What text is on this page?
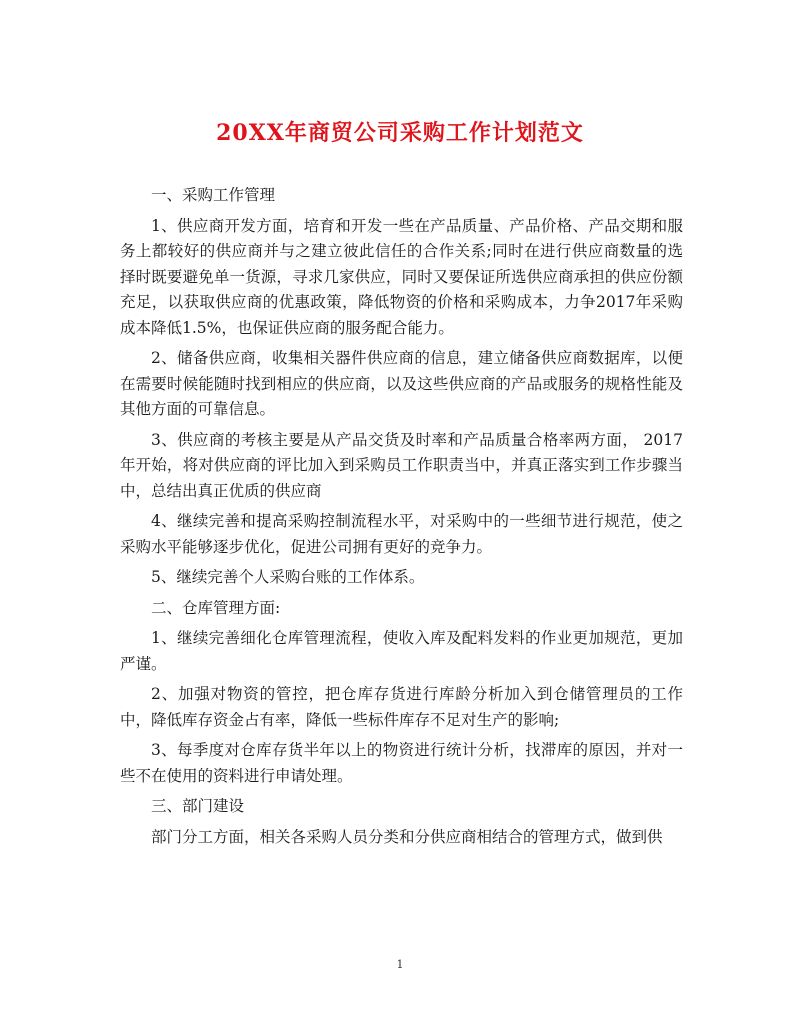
20XX年商贸公司采购工作计划范文

一、采购工作管理

1、供应商开发方面，培育和开发一些在产品质量、产品价格、产品交期和服务上都较好的供应商并与之建立彼此信任的合作关系;同时在进行供应商数量的选择时既要避免单一货源，寻求几家供应，同时又要保证所选供应商承担的供应份额充足，以获取供应商的优惠政策，降低物资的价格和采购成本，力争2017年采购成本降低1.5%，也保证供应商的服务配合能力。

2、储备供应商，收集相关器件供应商的信息，建立储备供应商数据库，以便在需要时候能随时找到相应的供应商，以及这些供应商的产品或服务的规格性能及其他方面的可靠信息。

3、供应商的考核主要是从产品交货及时率和产品质量合格率两方面， 2017年开始，将对供应商的评比加入到采购员工作职责当中，并真正落实到工作步骤当中，总结出真正优质的供应商

4、继续完善和提高采购控制流程水平，对采购中的一些细节进行规范，使之采购水平能够逐步优化，促进公司拥有更好的竞争力。

5、继续完善个人采购台账的工作体系。

二、仓库管理方面:

1、继续完善细化仓库管理流程，使收入库及配料发料的作业更加规范，更加严谨。

2、加强对物资的管控，把仓库存货进行库龄分析加入到仓储管理员的工作中，降低库存资金占有率，降低一些标件库存不足对生产的影响;

3、每季度对仓库存货半年以上的物资进行统计分析，找滞库的原因，并对一些不在使用的资料进行申请处理。

三、部门建设

部门分工方面，相关各采购人员分类和分供应商相结合的管理方式，做到供

1
